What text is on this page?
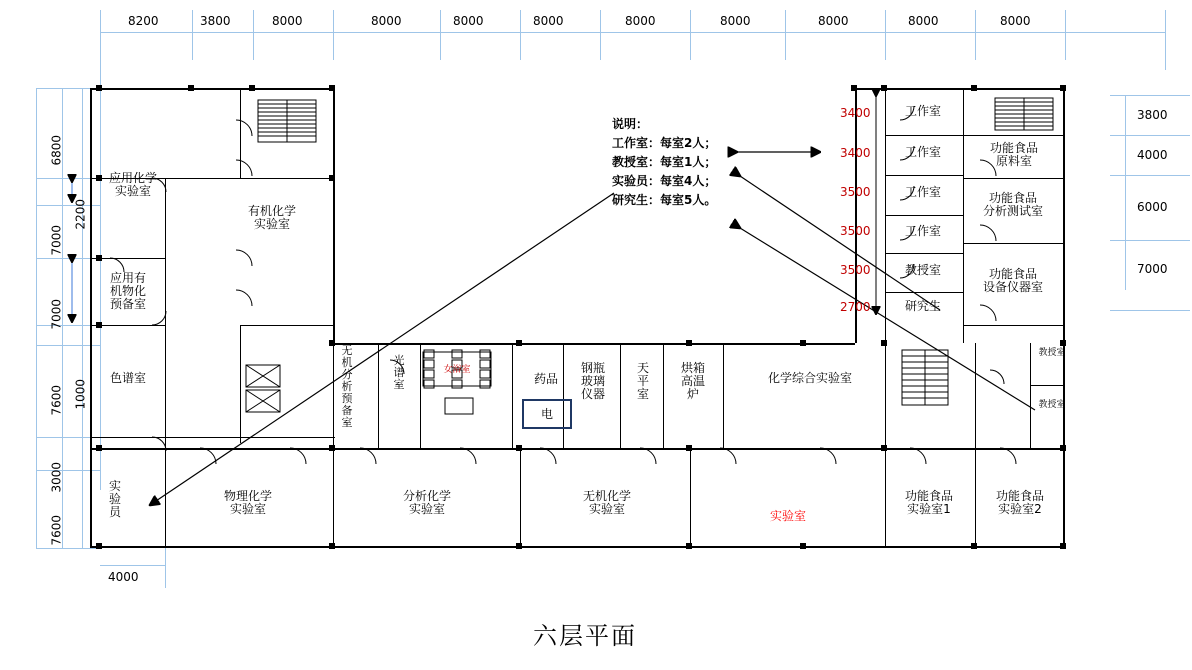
8200	3800	8000	8000	8000	8000	8000	8000	8000	8000	8000
6800
2200
7000
7000
1000
7600
3000
7600
3800
4000
6000
7000
4000
应用化学
实验室
应用有
机物化
预备室
色谱室
有机化学
实验室
无
机
分
析
预
备
室
光
谱
室
女浴室
药品
电
钢瓶
玻璃
仪器
天
平
室
烘箱
高温
炉
化学综合实验室
实
验
员
物理化学
实验室
分析化学
实验室
无机化学
实验室	实验室
功能食品
实验室1
功能食品
实验室2
功能食品
原料室
功能食品
分析测试室
功能食品
设备仪器室
工作室
工作室
工作室
工作室
教授室
研究生
教授室
教授室
3400
3400
3500
3500
3500
2700
说明：
工作室：每室2人；
教授室：每室1人；
实验员：每室4人；
研究生：每室5人。
六层平面
